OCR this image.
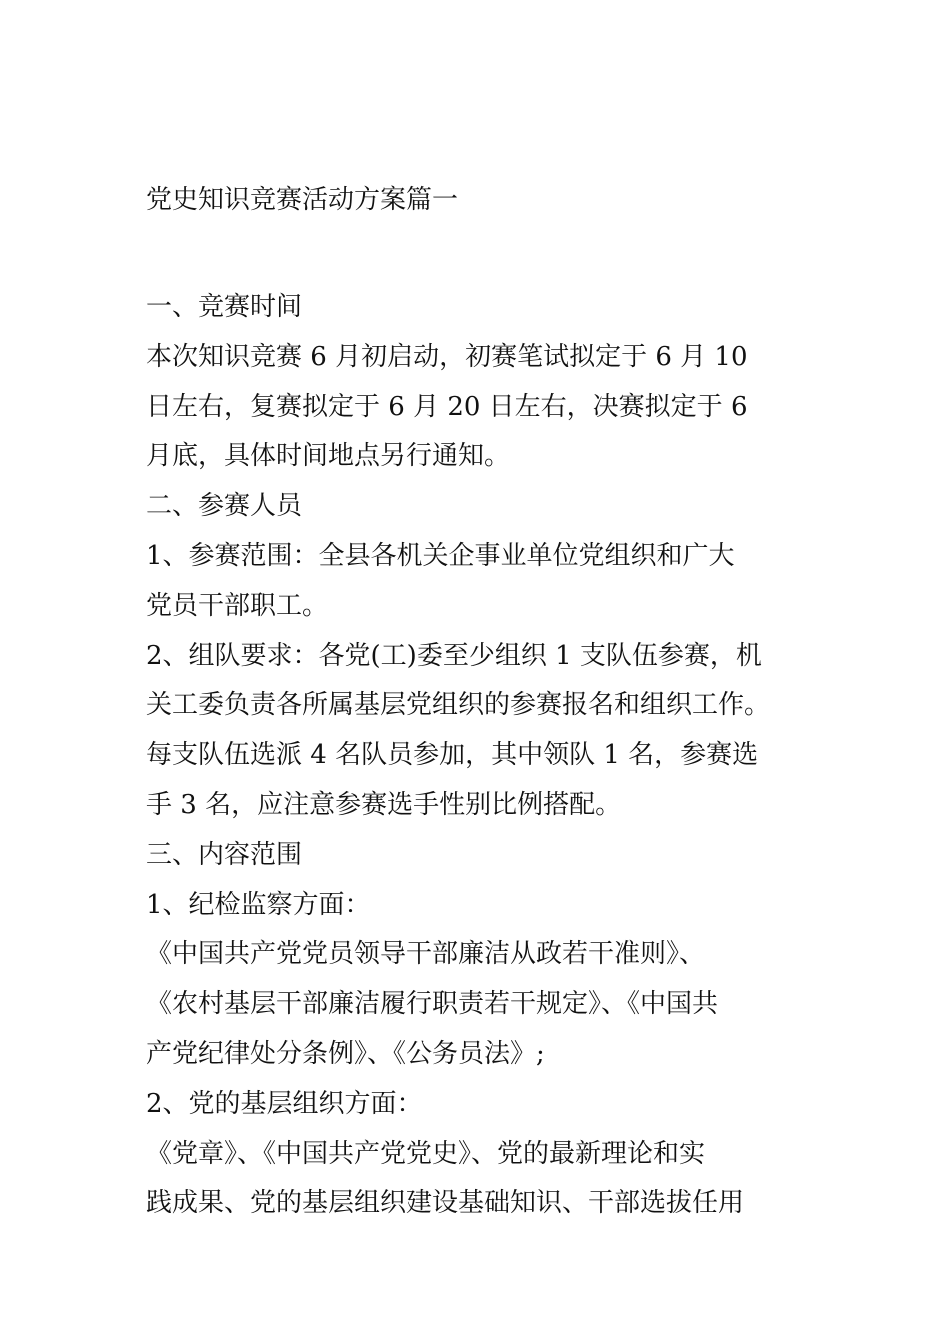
党史知识竞赛活动方案篇一
一、竞赛时间
本次知识竞赛 6 月初启动，初赛笔试拟定于 6 月 10
日左右，复赛拟定于 6 月 20 日左右，决赛拟定于 6
月底，具体时间地点另行通知。
二、参赛人员
1、参赛范围：全县各机关企事业单位党组织和广大
党员干部职工。
2、组队要求：各党(工)委至少组织 1 支队伍参赛，机
关工委负责各所属基层党组织的参赛报名和组织工作。
每支队伍选派 4 名队员参加，其中领队 1 名，参赛选
手 3 名，应注意参赛选手性别比例搭配。
三、内容范围
1、纪检监察方面：
《中国共产党党员领导干部廉洁从政若干准则》、
《农村基层干部廉洁履行职责若干规定》、《中国共
产党纪律处分条例》、《公务员法》;
2、党的基层组织方面：
《党章》、《中国共产党党史》、党的最新理论和实
践成果、党的基层组织建设基础知识、干部选拔任用
